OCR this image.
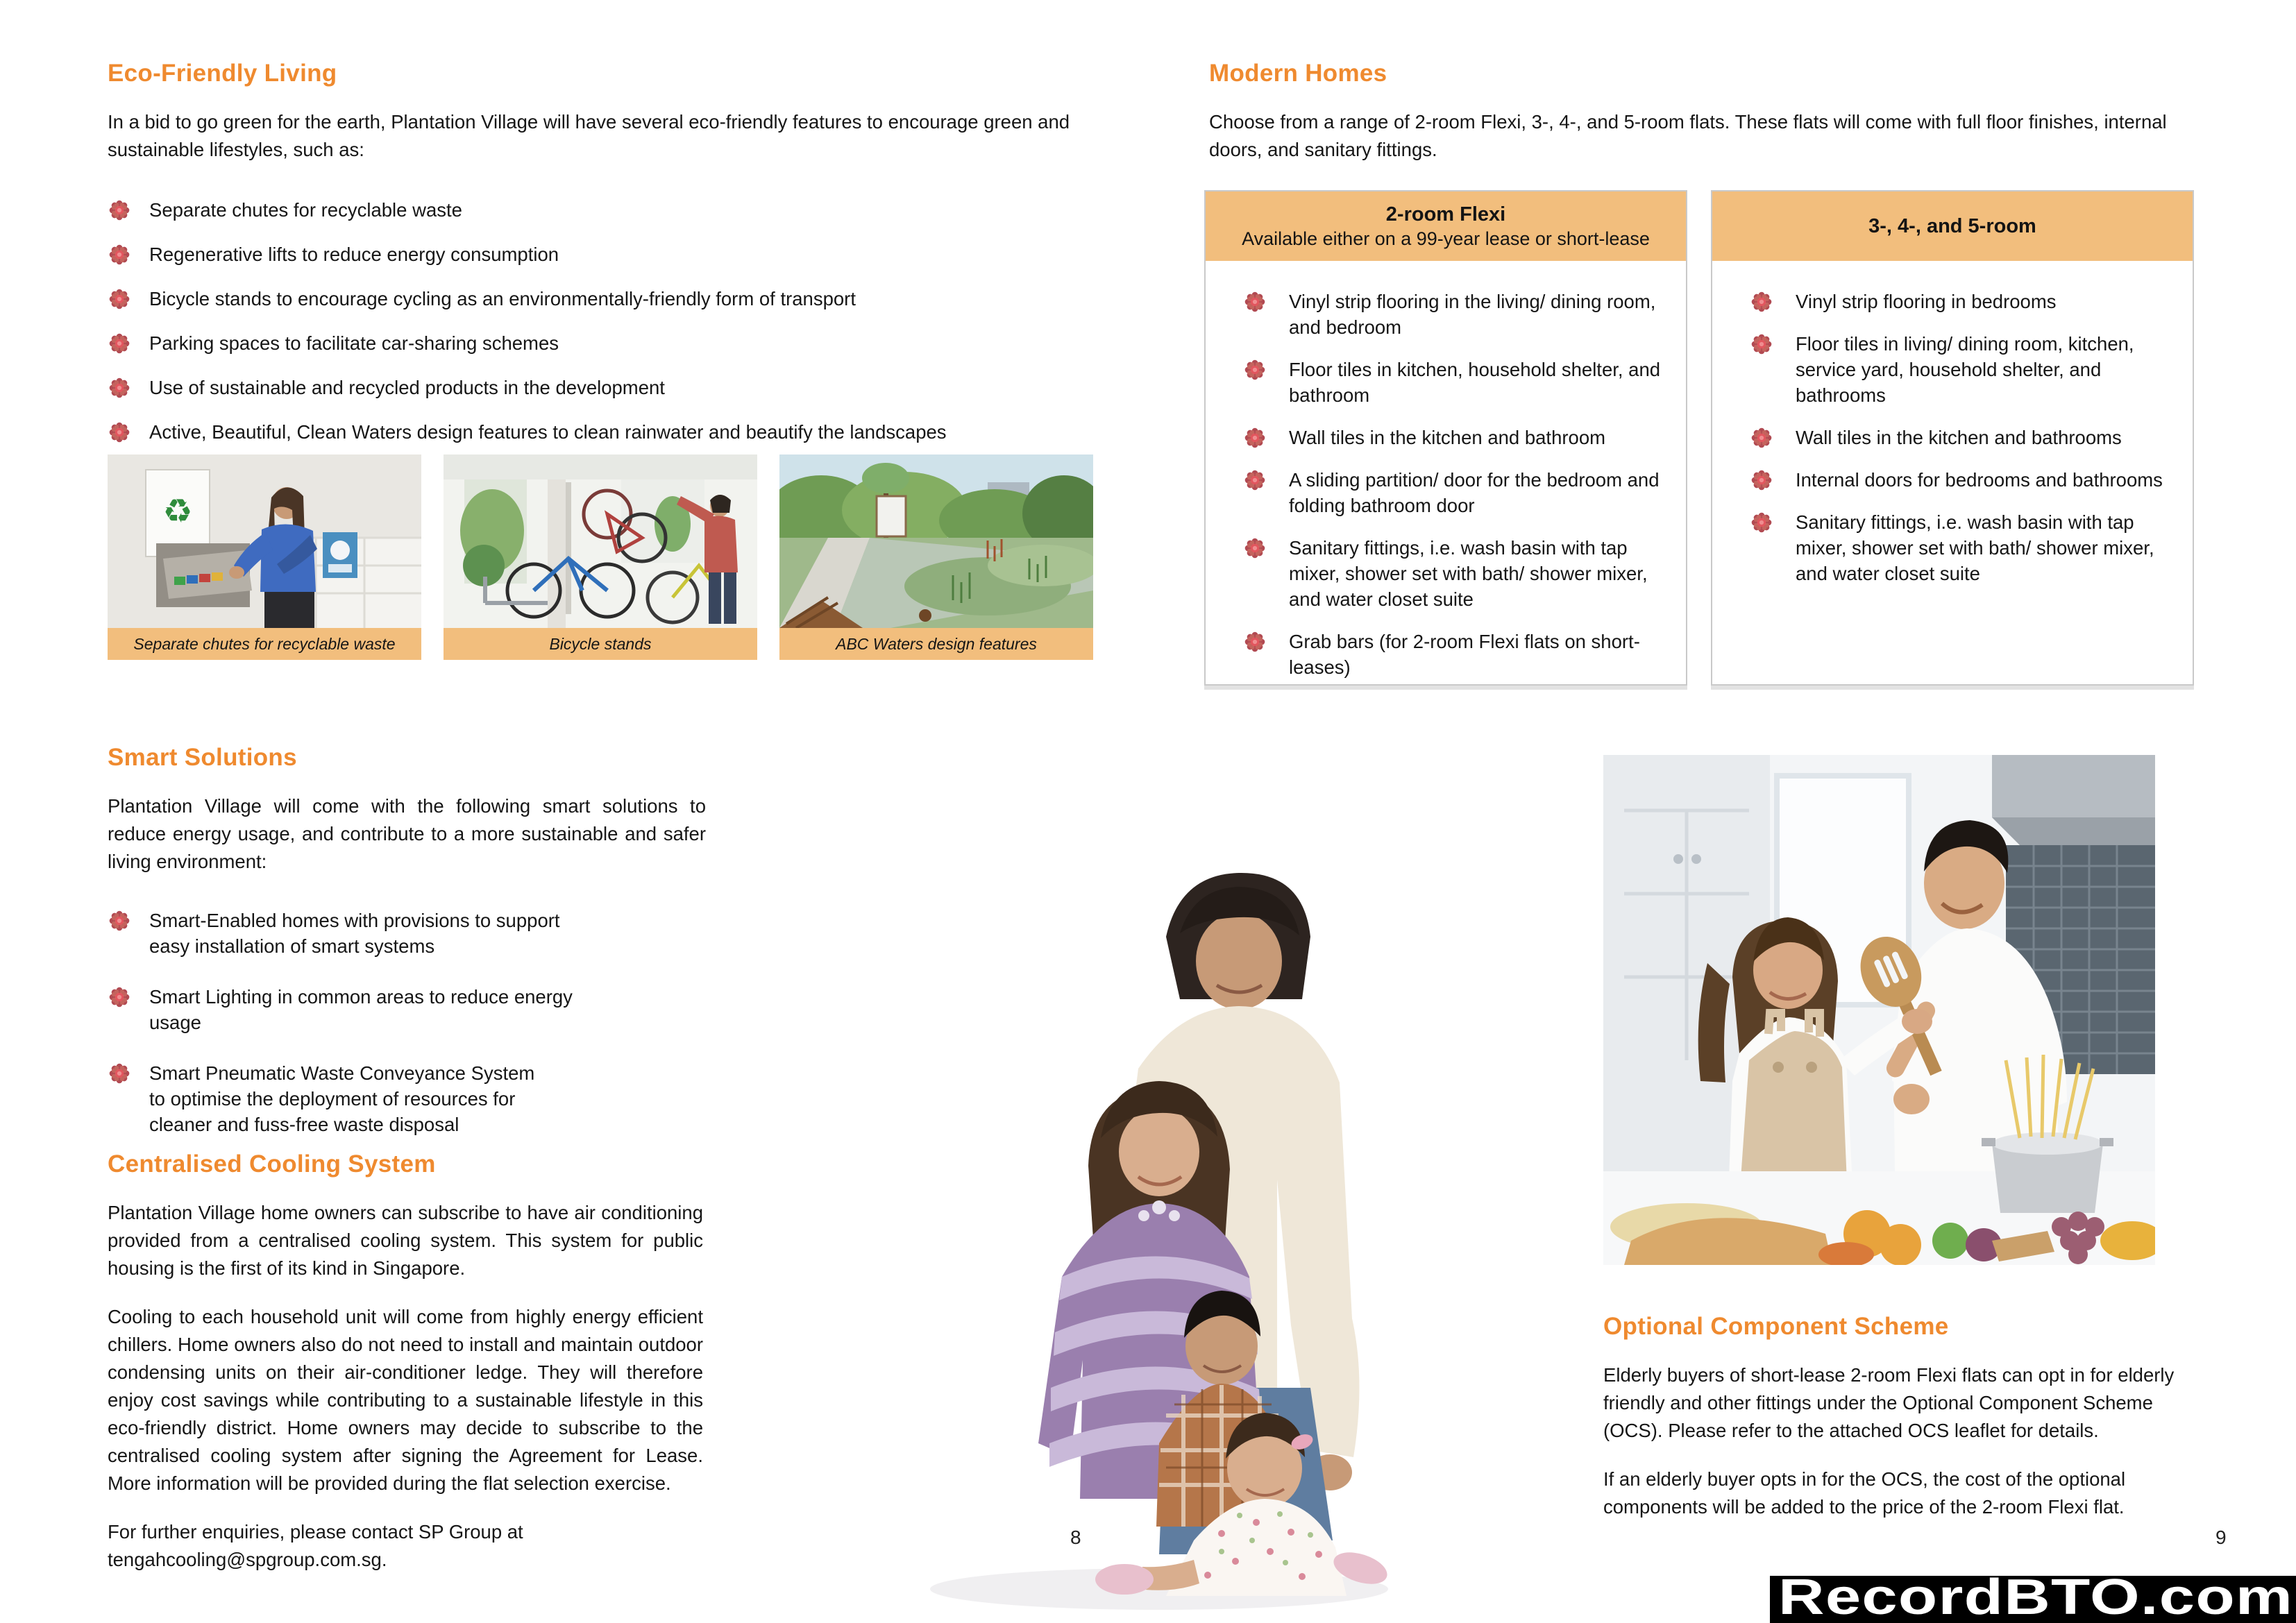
Eco-Friendly Living

In a bid to go green for the earth, Plantation Village will have several eco-friendly features to encourage green and sustainable lifestyles, such as:

Separate chutes for recyclable waste
Regenerative lifts to reduce energy consumption
Bicycle stands to encourage cycling as an environmentally-friendly form of transport
Parking spaces to facilitate car-sharing schemes
Use of sustainable and recycled products in the development
Active, Beautiful, Clean Waters design features to clean rainwater and beautify the landscapes
♻
Separate chutes for recyclable waste	Bicycle stands	ABC Waters design features
Smart Solutions

Plantation Village will come with the following smart solutions to reduce energy usage, and contribute to a more sustainable and safer living environment:

Smart-Enabled homes with provisions to support easy installation of smart systems
Smart Lighting in common areas to reduce energy usage
Smart Pneumatic Waste Conveyance System to optimise the deployment of resources for cleaner and fuss-free waste disposal
Centralised Cooling System

Plantation Village home owners can subscribe to have air conditioning provided from a centralised cooling system. This system for public housing is the first of its kind in Singapore.

Cooling to each household unit will come from highly energy efficient chillers. Home owners also do not need to install and maintain outdoor condensing units on their air-conditioner ledge. They will therefore enjoy cost savings while contributing to a sustainable lifestyle in this eco-friendly district. Home owners may decide to subscribe to the centralised cooling system after signing the Agreement for Lease. More information will be provided during the flat selection exercise.

For further enquiries, please contact SP Group at tengahcooling@spgroup.com.sg.

8
Modern Homes

Choose from a range of 2-room Flexi, 3-, 4-, and 5-room flats. These flats will come with full floor finishes, internal doors, and sanitary fittings.

2-room Flexi
Available either on a 99-year lease or short-lease
Vinyl strip flooring in the living/ dining room, and bedroom
Floor tiles in kitchen, household shelter, and bathroom
Wall tiles in the kitchen and bathroom
A sliding partition/ door for the bedroom and folding bathroom door
Sanitary fittings, i.e. wash basin with tap mixer, shower set with bath/ shower mixer, and water closet suite
Grab bars (for 2-room Flexi flats on short-leases)
3-, 4-, and 5-room
Vinyl strip flooring in bedrooms
Floor tiles in living/ dining room, kitchen, service yard, household shelter, and bathrooms
Wall tiles in the kitchen and bathrooms
Internal doors for bedrooms and bathrooms
Sanitary fittings, i.e. wash basin with tap mixer, shower set with bath/ shower mixer, and water closet suite
Optional Component Scheme

Elderly buyers of short-lease 2-room Flexi flats can opt in for elderly friendly and other fittings under the Optional Component Scheme (OCS). Please refer to the attached OCS leaflet for details.

If an elderly buyer opts in for the OCS, the cost of the optional components will be added to the price of the 2-room Flexi flat.

9
RecordBTO.com
